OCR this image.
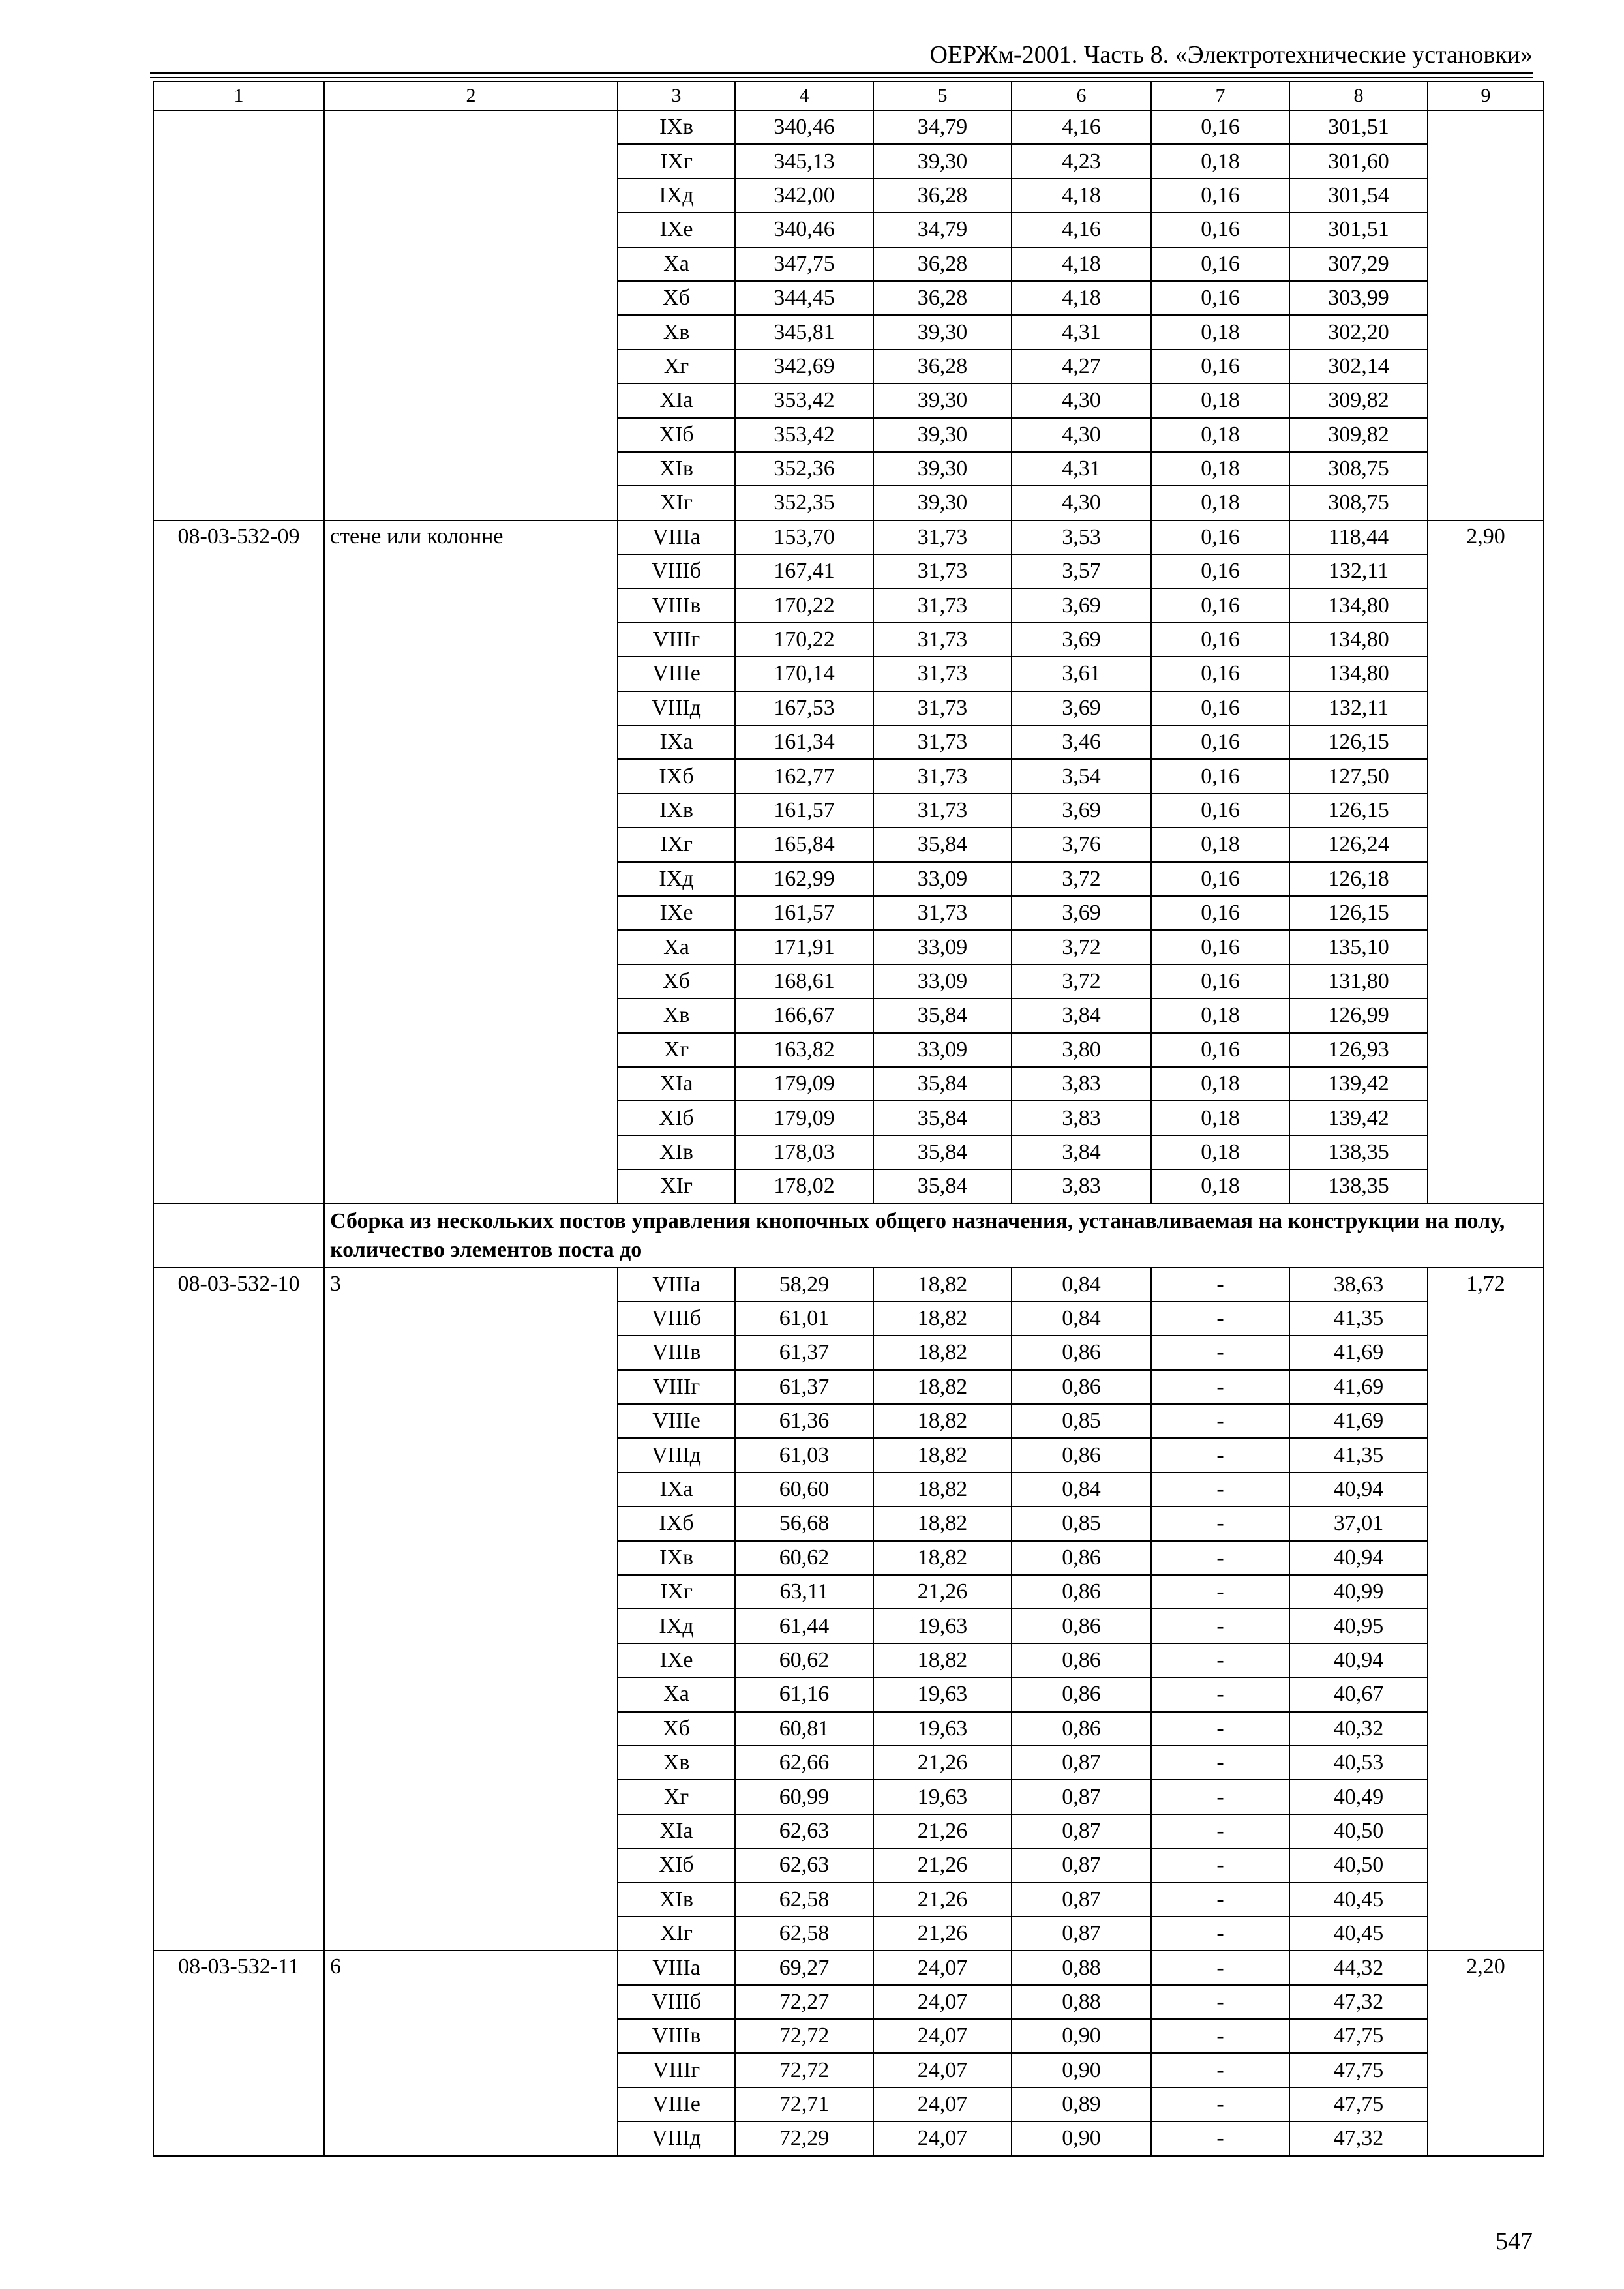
ОЕРЖм-2001. Часть 8. «Электротехнические установки»
1	2	3	4	5	6	7	8	9
		IXв	340,46	34,79	4,16	0,16	301,51	
		IXг	345,13	39,30	4,23	0,18	301,60	
		IXд	342,00	36,28	4,18	0,16	301,54	
		IXе	340,46	34,79	4,16	0,16	301,51	
		Xа	347,75	36,28	4,18	0,16	307,29	
		Xб	344,45	36,28	4,18	0,16	303,99	
		Xв	345,81	39,30	4,31	0,18	302,20	
		Xг	342,69	36,28	4,27	0,16	302,14	
		XIа	353,42	39,30	4,30	0,18	309,82	
		XIб	353,42	39,30	4,30	0,18	309,82	
		XIв	352,36	39,30	4,31	0,18	308,75	
		XIг	352,35	39,30	4,30	0,18	308,75	
08-03-532-09	стене или колонне	VIIIа	153,70	31,73	3,53	0,16	118,44	2,90
		VIIIб	167,41	31,73	3,57	0,16	132,11	
		VIIIв	170,22	31,73	3,69	0,16	134,80	
		VIIIг	170,22	31,73	3,69	0,16	134,80	
		VIIIе	170,14	31,73	3,61	0,16	134,80	
		VIIIд	167,53	31,73	3,69	0,16	132,11	
		IXа	161,34	31,73	3,46	0,16	126,15	
		IXб	162,77	31,73	3,54	0,16	127,50	
		IXв	161,57	31,73	3,69	0,16	126,15	
		IXг	165,84	35,84	3,76	0,18	126,24	
		IXд	162,99	33,09	3,72	0,16	126,18	
		IXе	161,57	31,73	3,69	0,16	126,15	
		Xа	171,91	33,09	3,72	0,16	135,10	
		Xб	168,61	33,09	3,72	0,16	131,80	
		Xв	166,67	35,84	3,84	0,18	126,99	
		Xг	163,82	33,09	3,80	0,16	126,93	
		XIа	179,09	35,84	3,83	0,18	139,42	
		XIб	179,09	35,84	3,83	0,18	139,42	
		XIв	178,03	35,84	3,84	0,18	138,35	
		XIг	178,02	35,84	3,83	0,18	138,35	
	Сборка из нескольких постов управления кнопочных общего назначения, устанавливаемая на конструкции на полу, количество элементов поста до							
08-03-532-10	3	VIIIа	58,29	18,82	0,84	-	38,63	1,72
		VIIIб	61,01	18,82	0,84	-	41,35	
		VIIIв	61,37	18,82	0,86	-	41,69	
		VIIIг	61,37	18,82	0,86	-	41,69	
		VIIIе	61,36	18,82	0,85	-	41,69	
		VIIIд	61,03	18,82	0,86	-	41,35	
		IXа	60,60	18,82	0,84	-	40,94	
		IXб	56,68	18,82	0,85	-	37,01	
		IXв	60,62	18,82	0,86	-	40,94	
		IXг	63,11	21,26	0,86	-	40,99	
		IXд	61,44	19,63	0,86	-	40,95	
		IXе	60,62	18,82	0,86	-	40,94	
		Xа	61,16	19,63	0,86	-	40,67	
		Xб	60,81	19,63	0,86	-	40,32	
		Xв	62,66	21,26	0,87	-	40,53	
		Xг	60,99	19,63	0,87	-	40,49	
		XIа	62,63	21,26	0,87	-	40,50	
		XIб	62,63	21,26	0,87	-	40,50	
		XIв	62,58	21,26	0,87	-	40,45	
		XIг	62,58	21,26	0,87	-	40,45	
08-03-532-11	6	VIIIа	69,27	24,07	0,88	-	44,32	2,20
		VIIIб	72,27	24,07	0,88	-	47,32	
		VIIIв	72,72	24,07	0,90	-	47,75	
		VIIIг	72,72	24,07	0,90	-	47,75	
		VIIIе	72,71	24,07	0,89	-	47,75	
		VIIIд	72,29	24,07	0,90	-	47,32	
547
